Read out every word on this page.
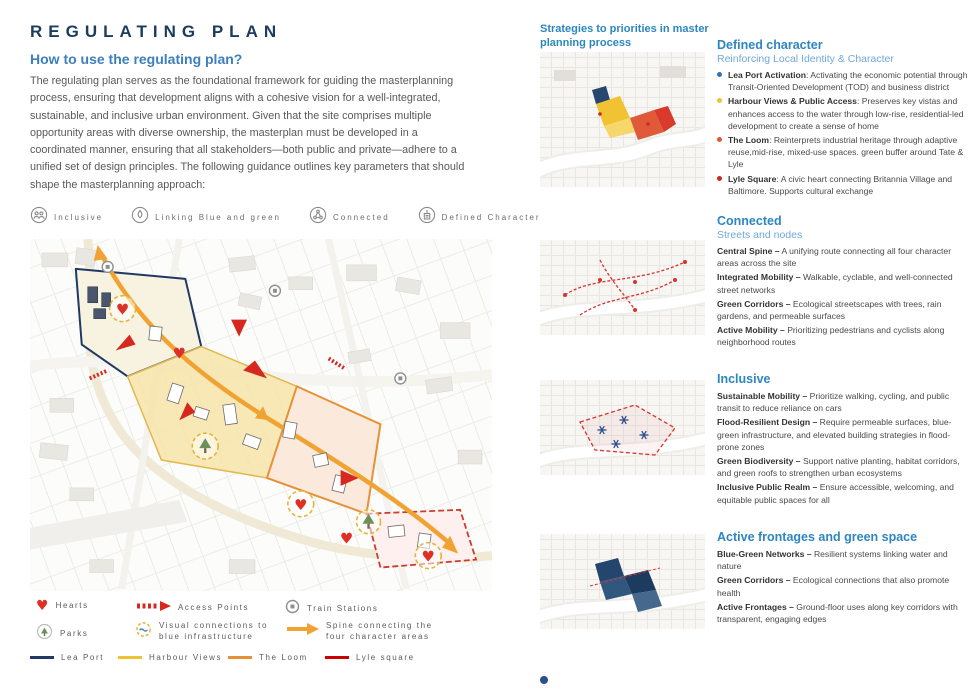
REGULATING PLAN
How to use the regulating plan?
The regulating plan serves as the foundational framework for guiding the masterplanning process, ensuring that development aligns with a cohesive vision for a well-integrated, sustainable, and inclusive urban environment. Given that the site comprises multiple opportunity areas with diverse ownership, the masterplan must be developed in a coordinated manner, ensuring that all stakeholders—both public and private—adhere to a unified set of design principles. The following guidance outlines key parameters that should shape the masterplanning approach:
Inclusive	Linking Blue and green	Connected	Defined Character
♥
♥
♥
♥
♥
♥ Hearts	Access Points	Train Stations
Parks
Visual connections to blue infrastructure
Spine connecting the four character areas
Lea Port	Harbour Views	The Loom	Lyle square
Strategies to priorities in master planning process	Defined character
Reinforcing Local Identity & Character
Lea Port Activation: Activating the economic potential through Transit-Oriented Development (TOD) and business district
Harbour Views & Public Access: Preserves key vistas and enhances access to the water through low-rise, residential-led development to create a sense of home
The Loom: Reinterprets industrial heritage through adaptive reuse,mid-rise, mixed-use spaces. green buffer around Tate & Lyle
Lyle Square: A civic heart connecting Britannia Village and Baltimore. Supports cultural exchange
Connected
Streets and nodes
Central Spine – A unifying route connecting all four character areas across the site
Integrated Mobility – Walkable, cyclable, and well-connected street networks
Green Corridors – Ecological streetscapes with trees, rain gardens, and permeable surfaces
Active Mobility – Prioritizing pedestrians and cyclists along neighborhood routes
Inclusive
Sustainable Mobility – Prioritize walking, cycling, and public transit to reduce reliance on cars
Flood-Resilient Design – Require permeable surfaces, blue-green infrastructure, and elevated building strategies in flood-prone zones
Green Biodiversity – Support native planting, habitat corridors, and green roofs to strengthen urban ecosystems
Inclusive Public Realm – Ensure accessible, welcoming, and equitable public spaces for all
Active frontages and green space
Blue-Green Networks – Resilient systems linking water and nature
Green Corridors – Ecological connections that also promote health
Active Frontages – Ground-floor uses along key corridors with transparent, engaging edges
